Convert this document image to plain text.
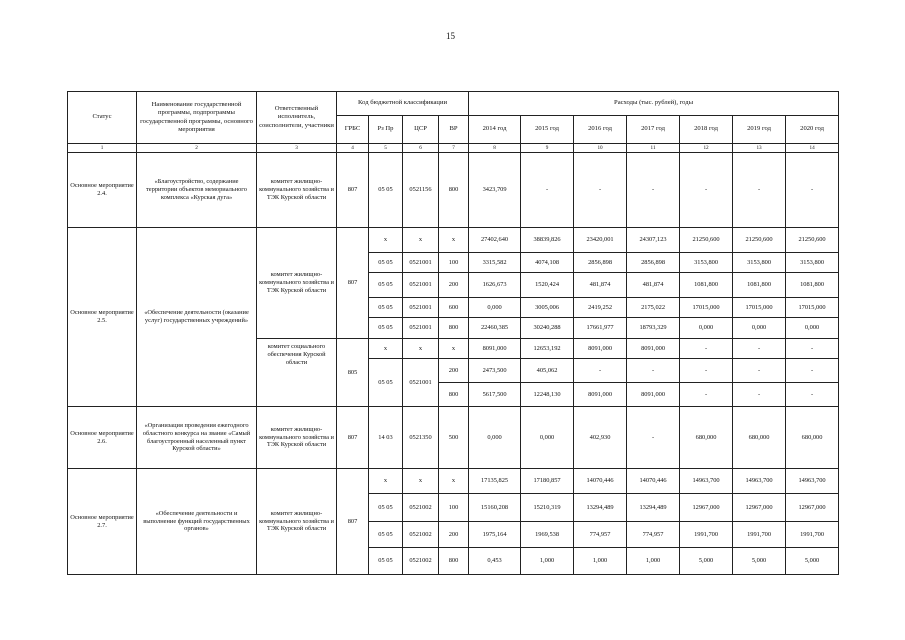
15
Статус	Наименование государственной программы, подпрограммы государственной программы, основного мероприятия	Ответственный исполнитель, соисполнители, участники	Код бюджетной классификации				Расходы (тыс. рублей), годы						
			ГРБС	Рз Пр	ЦСР	ВР	2014 год	2015 год	2016 год	2017 год	2018 год	2019 год	2020 год
1	2	3	4	5	6	7	8	9	10	11	12	13	14
Основное мероприятие 2.4.	«Благоустройство, содержание территории объектов мемориального комплекса «Курская дуга»	комитет жилищно-коммунального хозяйства и ТЭК Курской области	807	05 05	0521156	800	3423,709	-	-	-	-	-	-
Основное мероприятие 2.5.	«Обеспечение деятельности (оказание услуг) государственных учреждений»	комитет жилищно-коммунального хозяйства и ТЭК Курской области	807	х	х	х	27402,640	38839,826	23420,001	24307,123	21250,600	21250,600	21250,600
				05 05	0521001	100	3315,582	4074,108	2856,898	2856,898	3153,800	3153,800	3153,800
				05 05	0521001	200	1626,673	1520,424	481,874	481,874	1081,800	1081,800	1081,800
				05 05	0521001	600	0,000	3005,006	2419,252	2175,022	17015,000	17015,000	17015,000
				05 05	0521001	800	22460,385	30240,288	17661,977	18793,329	0,000	0,000	0,000
		комитет социального обеспечения Курской области	805	х	х	х	8091,000	12653,192	8091,000	8091,000	-	-	-
				05 05	0521001	200	2473,500	405,062	-	-	-	-	-
						800	5617,500	12248,130	8091,000	8091,000	-	-	-
Основное мероприятие 2.6.	«Организация проведения ежегодного областного конкурса на звание «Самый благоустроенный населенный пункт Курской области»	комитет жилищно-коммунального хозяйства и ТЭК Курской области	807	14 03	0521350	500	0,000	0,000	402,930	-	680,000	680,000	680,000
Основное мероприятие 2.7.	«Обеспечение деятельности и выполнение функций государственных органов»	комитет жилищно-коммунального хозяйства и ТЭК Курской области	807	х	х	х	17135,825	17180,857	14070,446	14070,446	14963,700	14963,700	14963,700
				05 05	0521002	100	15160,208	15210,319	13294,489	13294,489	12967,000	12967,000	12967,000
				05 05	0521002	200	1975,164	1969,538	774,957	774,957	1991,700	1991,700	1991,700
				05 05	0521002	800	0,453	1,000	1,000	1,000	5,000	5,000	5,000
